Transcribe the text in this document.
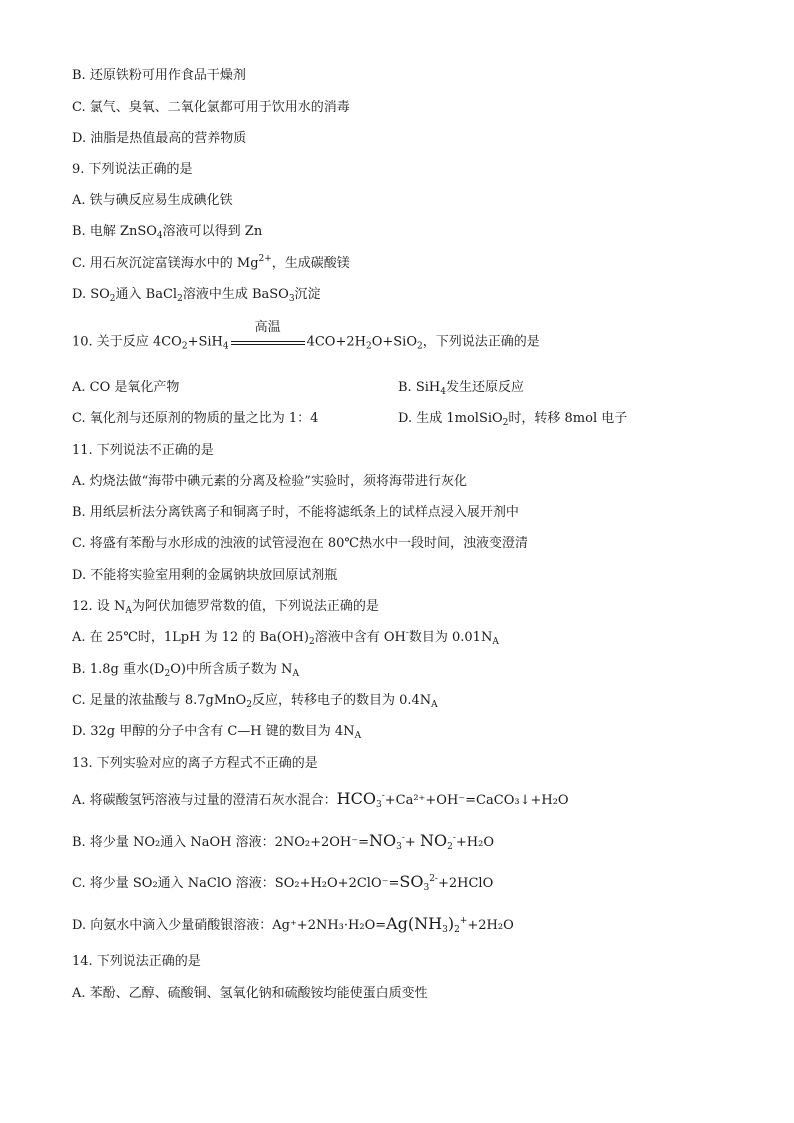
B. 还原铁粉可用作食品干燥剂
C. 氯气、臭氧、二氧化氯都可用于饮用水的消毒
D. 油脂是热值最高的营养物质
9. 下列说法正确的是
A. 铁与碘反应易生成碘化铁
B. 电解 ZnSO$_4$溶液可以得到 Zn
C. 用石灰沉淀富镁海水中的 $Mg^{2+}$，生成碳酸镁
D. $SO_2$通入 BaCl$_2$溶液中生成 BaSO$_3$沉淀
10. 关于反应 $4CO_2+SiH_4$
高温
$4CO+2H_2O+SiO_2$，下列说法正确的是
A. CO 是氧化产物	B. SiH$_4$发生还原反应
C. 氧化剂与还原剂的物质的量之比为 1：4	D. 生成 1molSiO$_2$时，转移 8mol 电子
11. 下列说法不正确的是
A. 灼烧法做“海带中碘元素的分离及检验”实验时，须将海带进行灰化
B. 用纸层析法分离铁离子和铜离子时，不能将滤纸条上的试样点浸入展开剂中
C. 将盛有苯酚与水形成的浊液的试管浸泡在 80℃热水中一段时间，浊液变澄清
D. 不能将实验室用剩的金属钠块放回原试剂瓶
12. 设 $N_A$为阿伏加德罗常数的值，下列说法正确的是
A. 在 25℃时，1LpH 为 12 的 $Ba(OH)_2$溶液中含有 OH-数目为 $0.01N_A$
B. 1.8g 重水$(D_2O)$中所含质子数为 $N_A$
C. 足量的浓盐酸与 8.7gMnO$_2$反应，转移电子的数目为 $0.4N_A$
D. 32g 甲醇的分子中含有 C—H 键的数目为 $4N_A$
13. 下列实验对应的离子方程式不正确的是
A. 将碳酸氢钙溶液与过量的澄清石灰水混合：$HCO_3^-+Ca^{2+}+OH^-=CaCO_3↓+H_2O$
B. 将少量 NO₂通入 NaOH 溶液：$2NO_2+2OH^-=NO_3^-+ NO_2^-+H_2O$
C. 将少量 SO₂通入 NaClO 溶液：$SO_2+H_2O+2ClO^-=SO_3^{2-}+2HClO$
D. 向氨水中滴入少量硝酸银溶液：$Ag^++2NH_3\cdot H_2O=Ag(NH_3)_2^++2H_2O$
14. 下列说法正确的是
A. 苯酚、乙醇、硫酸铜、氢氧化钠和硫酸铵均能使蛋白质变性
